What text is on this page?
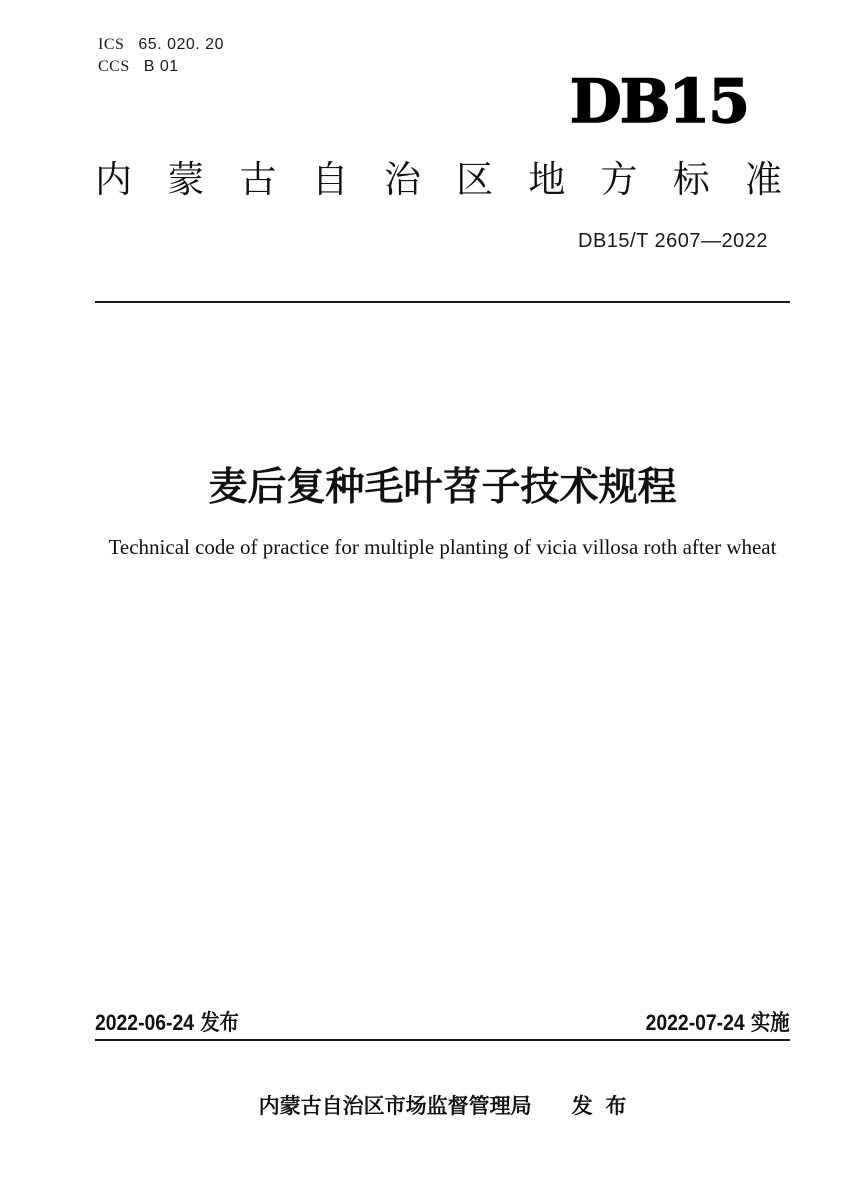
ICS 65. 020. 20
CCS B 01
DB15
内 蒙 古 自 治 区 地 方 标 准
DB15/T 2607—2022
麦后复种毛叶苕子技术规程
Technical code of practice for multiple planting of vicia villosa roth after wheat
2022-06-24 发布	2022-07-24 实施
内蒙古自治区市场监督管理局 发 布
